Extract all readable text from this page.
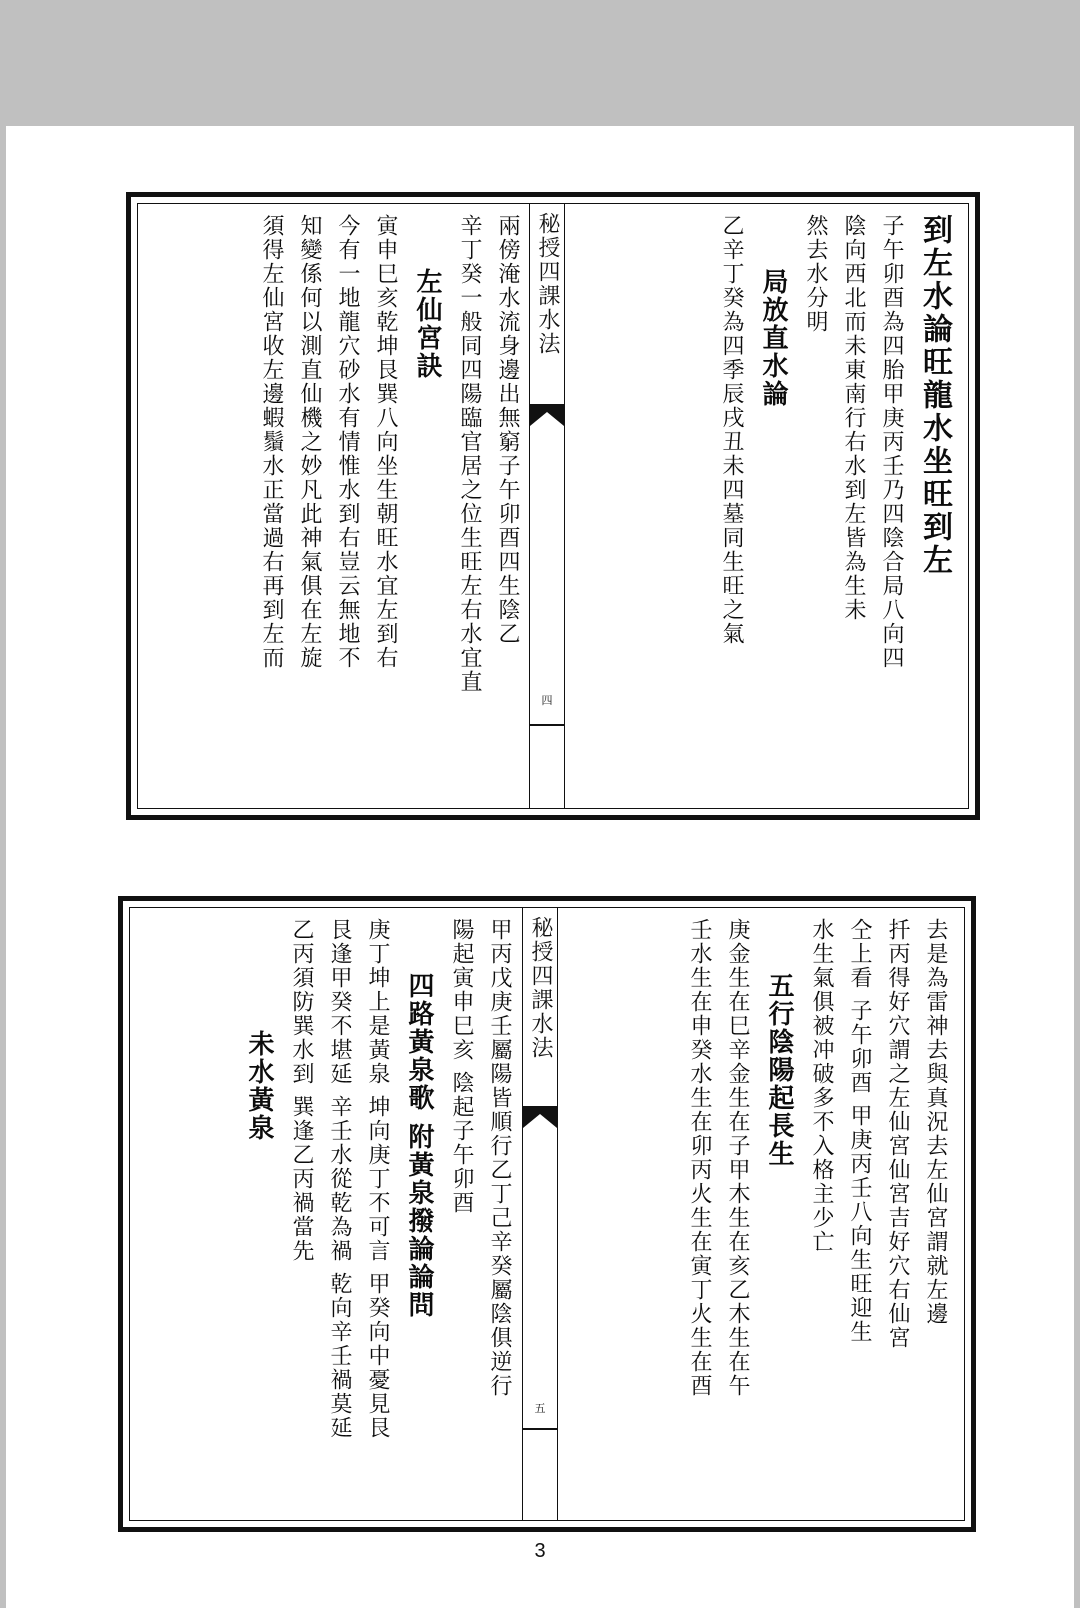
到左水論旺龍水坐旺到左
子午卯酉為四胎甲庚丙壬乃四陰合局八向四
陰向西北而未東南行右水到左皆為生未
然去水分明
局放直水論
乙辛丁癸為四季辰戌丑未四墓同生旺之氣
秘授四課水法
四
兩傍淹水流身邊出無窮子午卯酉四生陰乙
辛丁癸一般同四陽臨官居之位生旺左右水宜直
左仙宮訣
寅申巳亥乾坤艮巽八向坐生朝旺水宜左到右
今有一地龍穴砂水有情惟水到右豈云無地不
知變係何以測直仙機之妙凡此神氣俱在左旋
須得左仙宮收左邊蝦鬚水正當過右再到左而
去是為雷神去與真況去左仙宮謂就左邊
扦丙得好穴謂之左仙宮仙宮吉好穴右仙宮
仝上看 子午卯酉 甲庚丙壬八向生旺迎生
水生氣俱被冲破多不入格主少亡
五行陰陽起長生
庚金生在巳辛金生在子甲木生在亥乙木生在午
壬水生在申癸水生在卯丙火生在寅丁火生在酉
秘授四課水法
五
甲丙戊庚壬屬陽皆順行乙丁己辛癸屬陰俱逆行
陽起寅申巳亥 陰起子午卯酉
四路黃泉歌 附黃泉撥論論問
庚丁坤上是黃泉 坤向庚丁不可言 甲癸向中憂見艮
艮逢甲癸不堪延 辛壬水從乾為禍 乾向辛壬禍莫延
乙丙須防巽水到 巽逢乙丙禍當先
未水黃泉
3
